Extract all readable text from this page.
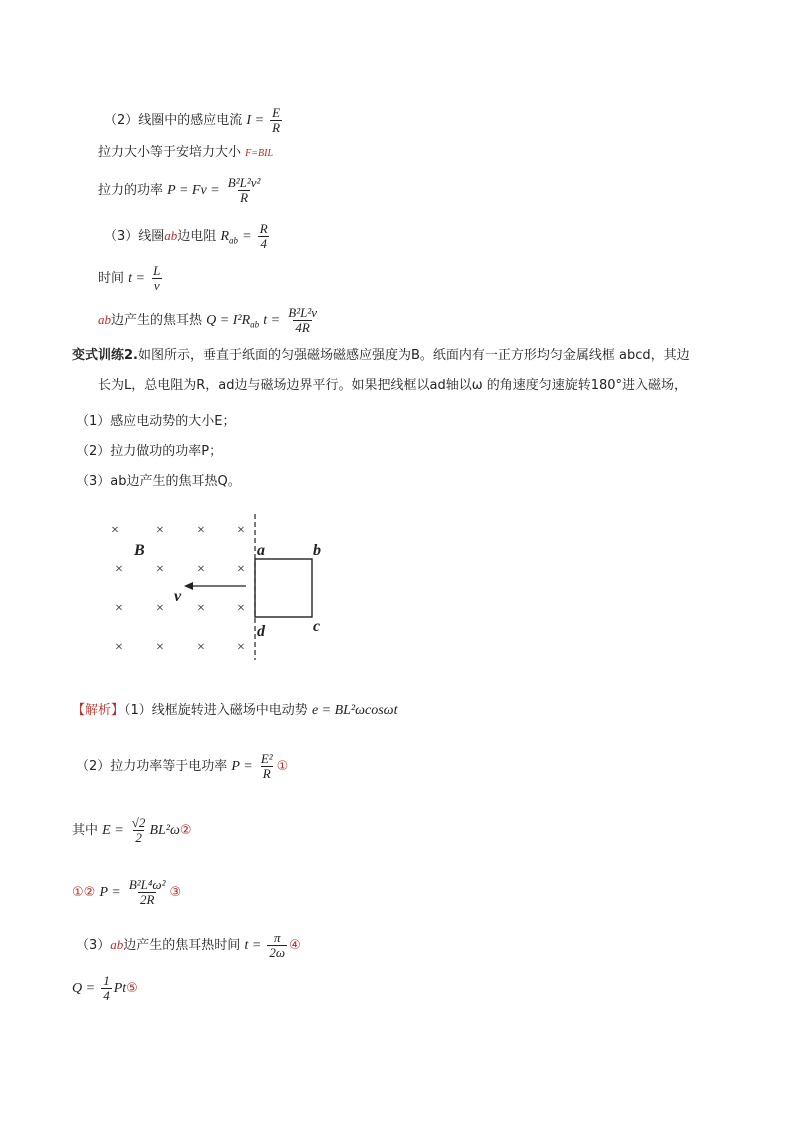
（2）线圈中的感应电流 $I = \frac{E}{R}$
拉力大小等于安培力大小 F=BIL
拉力的功率 $P = Fv = \frac{\text{B²L²v²}}{R}$
（3）线圈ab边电阻 $R_{ab} = \frac{R}{4}$
时间 $t = \frac{L}{v}$
ab边产生的焦耳热 $Q = I^2R_{ab}$ $t = \frac{\text{B²L²v}}{4R}$
变式训练2.如图所示，垂直于纸面的匀强磁场磁感应强度为B。纸面内有一正方形均匀金属线框 abcd，其边
长为L，总电阻为R，ad边与磁场边界平行。如果把线框以ad轴以ω 的角速度匀速旋转180°进入磁场，
（1）感应电动势的大小E；
（2）拉力做功的功率P；
（3）ab边产生的焦耳热Q。
×	× × ×
× × × ×
× × × ×
× × × ×
B
v
a	b
c
d
【解析】（1）线框旋转进入磁场中电动势 e = BL²ωcosωt
（2）拉力功率等于电功率 $P = \frac{\text{E²}}{R}$ ①
其中 $E = \frac{√2}{2}$ BL²ω②
①② $P = \frac{\text{B²L⁴ω²}}{2R}$ ③
（3）ab边产生的焦耳热时间 $t = \frac{\pi}{2\omega}$ ④
$Q = \frac{1}{4}$ Pt⑤
